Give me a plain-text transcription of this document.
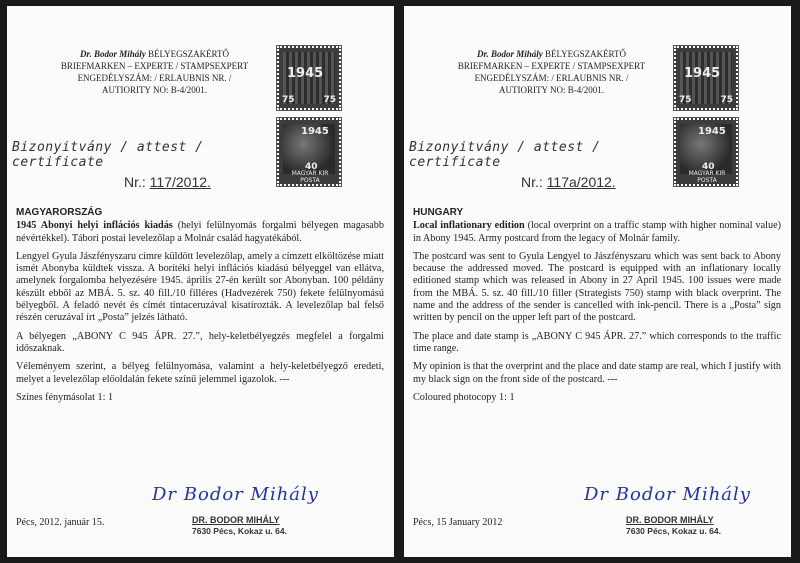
Dr. Bodor Mihály BÉLYEGSZAKÉRTŐ
BRIEFMARKEN – EXPERTE / STAMPSEXPERT
ENGEDÉLYSZÁM: / ERLAUBNIS NR. / AUTIORITY NO: B-4/2001.
1945
75	75
1945
40
MAGYAR KIR POSTA
Bizonyitvány / attest / certificate
Nr.: 117/2012.
MAGYARORSZÁG

1945 Abonyi helyi inflációs kiadás (helyi felülnyomás forgalmi bélyegen magasabb névértékkel). Tábori postai levelezőlap a Molnár család hagyatékából.

Lengyel Gyula Jászfényszaru címre küldött levelezőlap, amely a címzett elköltözése miatt ismét Abonyba küldtek vissza. A borítéki helyi inflációs kiadású bélyeggel van ellátva, amelynek forgalomba helyezésére 1945. április 27-én került sor Abonyban. 100 példány készült ebből az MBÁ. 5. sz. 40 fill./10 filléres (Hadvezérek 750) fekete felülnyomású bélyegből. A feladó nevét és címét tintaceruzával kisatírozták. A levelezőlap bal felső részén ceruzával írt „Posta” jelzés látható.

A bélyegen „ABONY C 945 ÁPR. 27.”, hely-keletbélyegzés megfelel a forgalmi időszaknak.

Véleményem szerint, a bélyeg felülnyomása, valamint a hely-keletbélyegző eredeti, melyet a levelezőlap előoldalán fekete színű jelemmel igazolok. ---

Színes fénymásolat 1: 1

Dr Bodor Mihály
Pécs, 2012. január 15.	DR. BODOR MIHÁLY
7630 Pécs, Kokaz u. 64.
Dr. Bodor Mihály BÉLYEGSZAKÉRTŐ
BRIEFMARKEN – EXPERTE / STAMPSEXPERT
ENGEDÉLYSZÁM: / ERLAUBNIS NR. / AUTIORITY NO: B-4/2001.
1945
75	75
1945
40
MAGYAR KIR POSTA
Bizonyitvány / attest / certificate
Nr.: 117a/2012.
HUNGARY

Local inflationary edition (local overprint on a traffic stamp with higher nominal value) in Abony 1945. Army postcard from the legacy of Molnár family.

The postcard was sent to Gyula Lengyel to Jászfényszaru which was sent back to Abony because the addressed moved. The postcard is equipped with an inflationary locally editioned stamp which was released in Abony in 27 April 1945. 100 issues were made from the MBÁ. 5. sz. 40 fill./10 filler (Strategists 750) stamp with black overprint. The name and the address of the sender is cancelled with ink-pencil. There is a „Posta” sign written by pencil on the upper left part of the postcard.

The place and date stamp is „ABONY C 945 ÁPR. 27.” which corresponds to the traffic time range.

My opinion is that the overprint and the place and date stamp are real, which I justify with my black sign on the front side of the postcard. ---

Coloured photocopy 1: 1

Dr Bodor Mihály
Pécs, 15 January 2012	DR. BODOR MIHÁLY
7630 Pécs, Kokaz u. 64.
